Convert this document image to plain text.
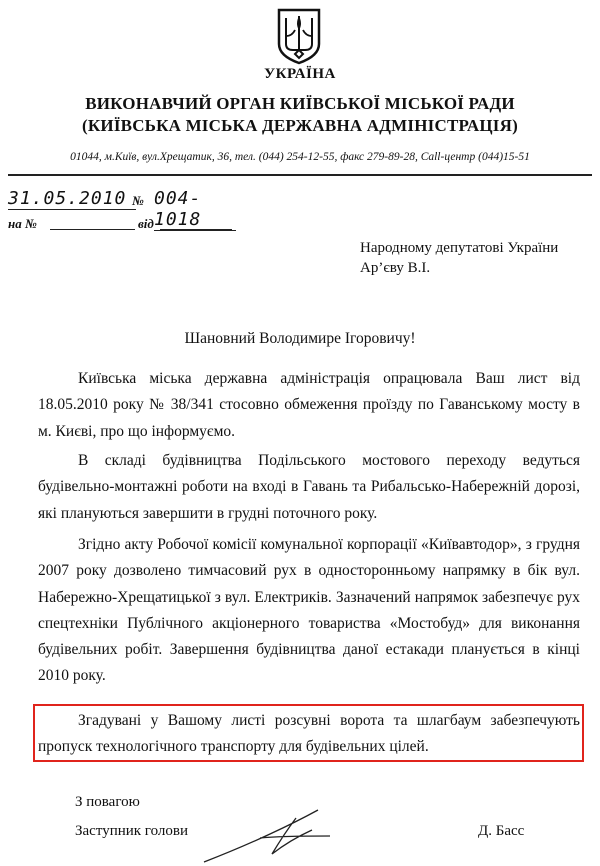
УКРАЇНА
ВИКОНАВЧИЙ ОРГАН КИЇВСЬКОЇ МІСЬКОЇ РАДИ
(КИЇВСЬКА МІСЬКА ДЕРЖАВНА АДМІНІСТРАЦІЯ)
01044, м.Київ, вул.Хрещатик, 36, тел. (044) 254-12-55, факс 279-89-28, Call-центр (044)15-51
31.05.2010 № 004-1018
на №	від
Народному депутатові України
Ар’єву В.І.
Шановний Володимире Ігоровичу!

Київська міська державна адміністрація опрацювала Ваш лист від 18.05.2010 року № 38/341 стосовно обмеження проїзду по Гаванському мосту в м. Києві, про що інформуємо.

В складі будівництва Подільського мостового переходу ведуться будівельно-монтажні роботи на вході в Гавань та Рибальсько-Набережній дорозі, які плануються завершити в грудні поточного року.

Згідно акту Робочої комісії комунальної корпорації «Київавтодор», з грудня 2007 року дозволено тимчасовий рух в односторонньому напрямку в бік вул. Набережно-Хрещатицької з вул. Електриків. Зазначений напрямок забезпечує рух спецтехніки Публічного акціонерного товариства «Мостобуд» для виконання будівельних робіт. Завершення будівництва даної естакади планується в кінці 2010 року.

Згадувані у Вашому листі розсувні ворота та шлагбаум забезпечують пропуск технологічного транспорту для будівельних цілей.

З повагою
Заступник голови	Д. Басс
